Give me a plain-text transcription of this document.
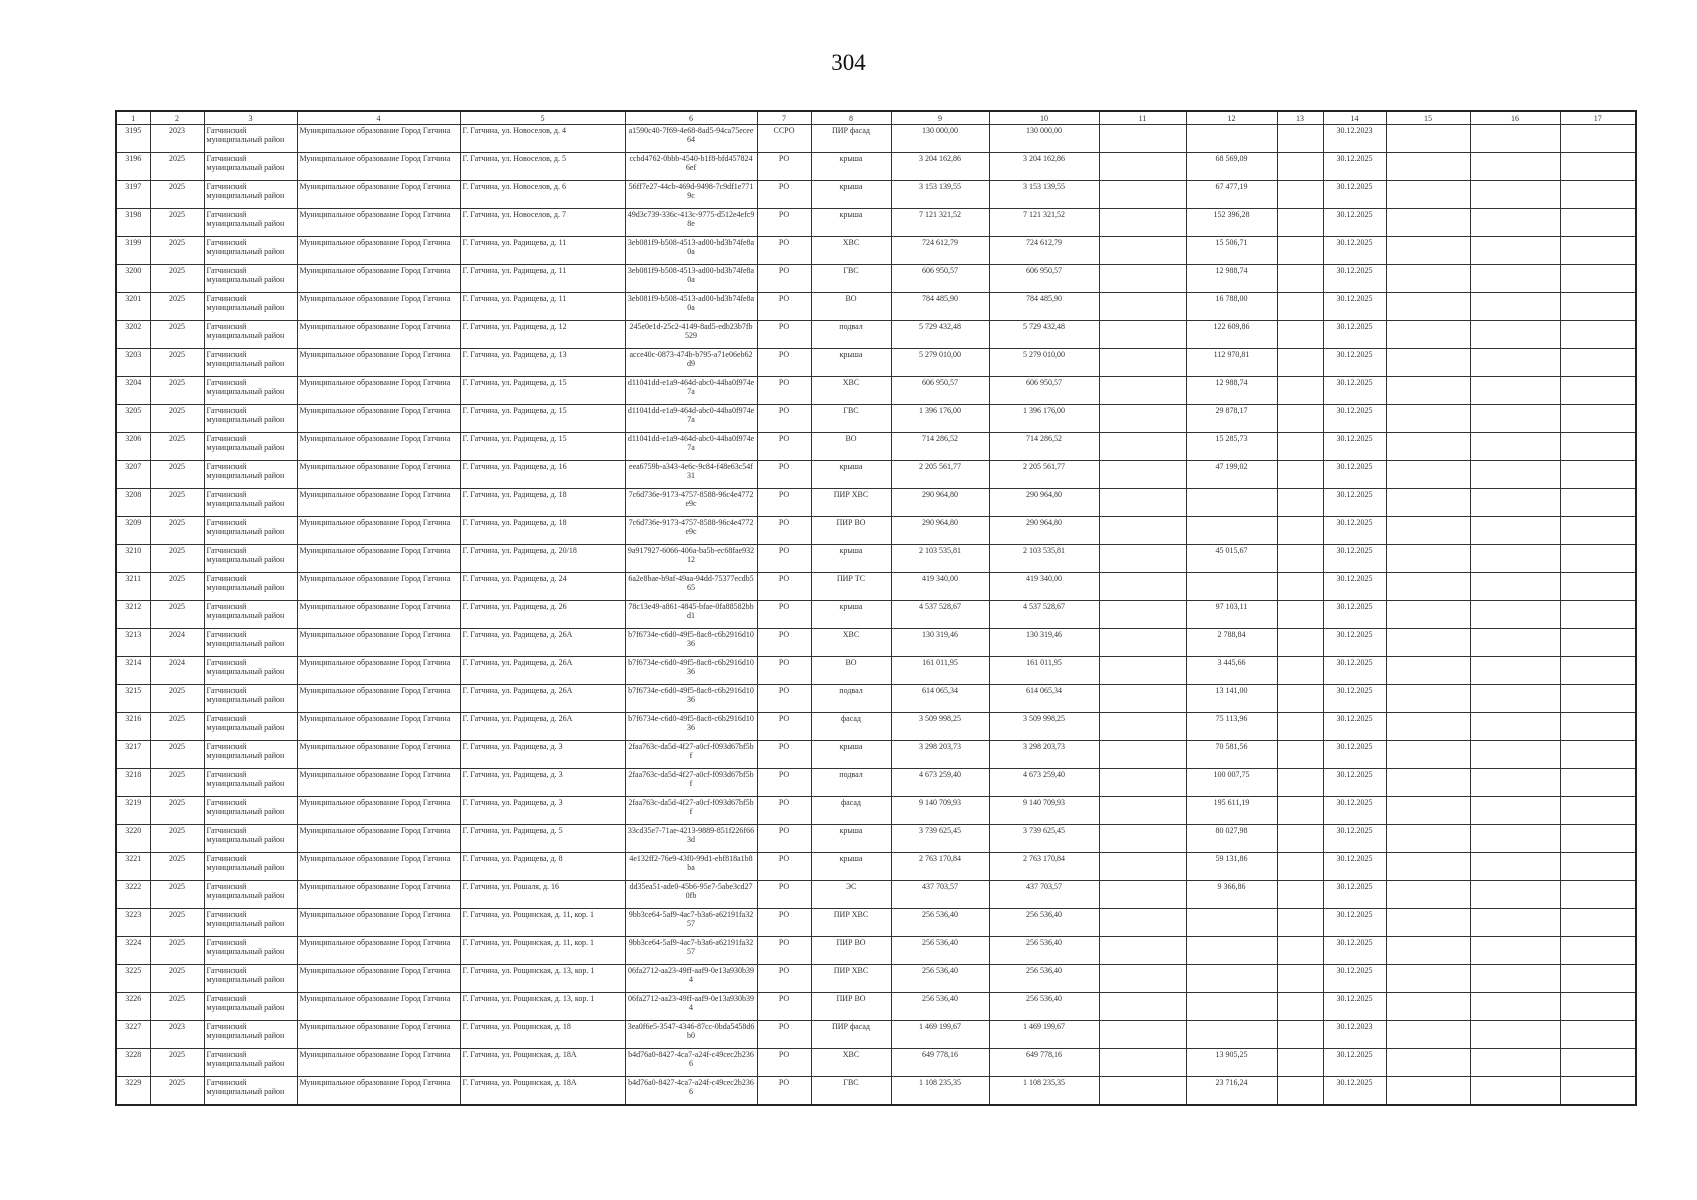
304
1	2	3	4	5	6	7	8	9	10	11	12	13	14	15	16	17
3195	2023	Гатчинский муниципальный район	Муниципальное образование Город Гатчина	Г. Гатчина, ул. Новоселов, д. 4	a1590c40-7f69-4e68-8ad5-94ca75ecee64	ССРО	ПИР фасад	130 000,00	130 000,00				30.12.2023			
3196	2025	Гатчинский муниципальный район	Муниципальное образование Город Гатчина	Г. Гатчина, ул. Новоселов, д. 5	ccbd4762-0bbb-4540-b1f8-bfd4578246ef	РО	крыша	3 204 162,86	3 204 162,86		68 569,09		30.12.2025			
3197	2025	Гатчинский муниципальный район	Муниципальное образование Город Гатчина	Г. Гатчина, ул. Новоселов, д. 6	56ff7e27-44cb-469d-9498-7c9df1e7719c	РО	крыша	3 153 139,55	3 153 139,55		67 477,19		30.12.2025			
3198	2025	Гатчинский муниципальный район	Муниципальное образование Город Гатчина	Г. Гатчина, ул. Новоселов, д. 7	49d3c739-336c-413c-9775-d512e4efc98e	РО	крыша	7 121 321,52	7 121 321,52		152 396,28		30.12.2025			
3199	2025	Гатчинский муниципальный район	Муниципальное образование Город Гатчина	Г. Гатчина, ул. Радищева, д. 11	3eb081f9-b508-4513-ad00-bd3b74fe8a0a	РО	ХВС	724 612,79	724 612,79		15 506,71		30.12.2025			
3200	2025	Гатчинский муниципальный район	Муниципальное образование Город Гатчина	Г. Гатчина, ул. Радищева, д. 11	3eb081f9-b508-4513-ad00-bd3b74fe8a0a	РО	ГВС	606 950,57	606 950,57		12 988,74		30.12.2025			
3201	2025	Гатчинский муниципальный район	Муниципальное образование Город Гатчина	Г. Гатчина, ул. Радищева, д. 11	3eb081f9-b508-4513-ad00-bd3b74fe8a0a	РО	ВО	784 485,90	784 485,90		16 788,00		30.12.2025			
3202	2025	Гатчинский муниципальный район	Муниципальное образование Город Гатчина	Г. Гатчина, ул. Радищева, д. 12	245e0e1d-25c2-4149-8ad5-edb23b7fb529	РО	подвал	5 729 432,48	5 729 432,48		122 609,86		30.12.2025			
3203	2025	Гатчинский муниципальный район	Муниципальное образование Город Гатчина	Г. Гатчина, ул. Радищева, д. 13	acce40c-0873-474b-b795-a71e06eb62d9	РО	крыша	5 279 010,00	5 279 010,00		112 970,81		30.12.2025			
3204	2025	Гатчинский муниципальный район	Муниципальное образование Город Гатчина	Г. Гатчина, ул. Радищева, д. 15	d11041dd-e1a9-464d-abc0-44ba0f974e7a	РО	ХВС	606 950,57	606 950,57		12 988,74		30.12.2025			
3205	2025	Гатчинский муниципальный район	Муниципальное образование Город Гатчина	Г. Гатчина, ул. Радищева, д. 15	d11041dd-e1a9-464d-abc0-44ba0f974e7a	РО	ГВС	1 396 176,00	1 396 176,00		29 878,17		30.12.2025			
3206	2025	Гатчинский муниципальный район	Муниципальное образование Город Гатчина	Г. Гатчина, ул. Радищева, д. 15	d11041dd-e1a9-464d-abc0-44ba0f974e7a	РО	ВО	714 286,52	714 286,52		15 285,73		30.12.2025			
3207	2025	Гатчинский муниципальный район	Муниципальное образование Город Гатчина	Г. Гатчина, ул. Радищева, д. 16	eea6759b-a343-4e6c-9c84-f48e63c54f31	РО	крыша	2 205 561,77	2 205 561,77		47 199,02		30.12.2025			
3208	2025	Гатчинский муниципальный район	Муниципальное образование Город Гатчина	Г. Гатчина, ул. Радищева, д. 18	7c6d736e-9173-4757-8588-96c4e4772e9c	РО	ПИР ХВС	290 964,80	290 964,80				30.12.2025			
3209	2025	Гатчинский муниципальный район	Муниципальное образование Город Гатчина	Г. Гатчина, ул. Радищева, д. 18	7c6d736e-9173-4757-8588-96c4e4772e9c	РО	ПИР ВО	290 964,80	290 964,80				30.12.2025			
3210	2025	Гатчинский муниципальный район	Муниципальное образование Город Гатчина	Г. Гатчина, ул. Радищева, д. 20/18	9a917927-6066-406a-ba5b-ec68fae93212	РО	крыша	2 103 535,81	2 103 535,81		45 015,67		30.12.2025			
3211	2025	Гатчинский муниципальный район	Муниципальное образование Город Гатчина	Г. Гатчина, ул. Радищева, д. 24	6a2e8bae-b9af-49aa-94dd-75377ecdb565	РО	ПИР ТС	419 340,00	419 340,00				30.12.2025			
3212	2025	Гатчинский муниципальный район	Муниципальное образование Город Гатчина	Г. Гатчина, ул. Радищева, д. 26	78c13e49-a861-4845-bfae-0fa88582bbd1	РО	крыша	4 537 528,67	4 537 528,67		97 103,11		30.12.2025			
3213	2024	Гатчинский муниципальный район	Муниципальное образование Город Гатчина	Г. Гатчина, ул. Радищева, д. 26А	b7f6734e-c6d0-49f5-8ac8-c6b2916d1036	РО	ХВС	130 319,46	130 319,46		2 788,84		30.12.2025			
3214	2024	Гатчинский муниципальный район	Муниципальное образование Город Гатчина	Г. Гатчина, ул. Радищева, д. 26А	b7f6734e-c6d0-49f5-8ac8-c6b2916d1036	РО	ВО	161 011,95	161 011,95		3 445,66		30.12.2025			
3215	2025	Гатчинский муниципальный район	Муниципальное образование Город Гатчина	Г. Гатчина, ул. Радищева, д. 26А	b7f6734e-c6d0-49f5-8ac8-c6b2916d1036	РО	подвал	614 065,34	614 065,34		13 141,00		30.12.2025			
3216	2025	Гатчинский муниципальный район	Муниципальное образование Город Гатчина	Г. Гатчина, ул. Радищева, д. 26А	b7f6734e-c6d0-49f5-8ac8-c6b2916d1036	РО	фасад	3 509 998,25	3 509 998,25		75 113,96		30.12.2025			
3217	2025	Гатчинский муниципальный район	Муниципальное образование Город Гатчина	Г. Гатчина, ул. Радищева, д. 3	2faa763c-da5d-4f27-a0cf-f093d67bf5bf	РО	крыша	3 298 203,73	3 298 203,73		70 581,56		30.12.2025			
3218	2025	Гатчинский муниципальный район	Муниципальное образование Город Гатчина	Г. Гатчина, ул. Радищева, д. 3	2faa763c-da5d-4f27-a0cf-f093d67bf5bf	РО	подвал	4 673 259,40	4 673 259,40		100 007,75		30.12.2025			
3219	2025	Гатчинский муниципальный район	Муниципальное образование Город Гатчина	Г. Гатчина, ул. Радищева, д. 3	2faa763c-da5d-4f27-a0cf-f093d67bf5bf	РО	фасад	9 140 709,93	9 140 709,93		195 611,19		30.12.2025			
3220	2025	Гатчинский муниципальный район	Муниципальное образование Город Гатчина	Г. Гатчина, ул. Радищева, д. 5	33cd35e7-71ae-4213-9889-851f226f663d	РО	крыша	3 739 625,45	3 739 625,45		80 027,98		30.12.2025			
3221	2025	Гатчинский муниципальный район	Муниципальное образование Город Гатчина	Г. Гатчина, ул. Радищева, д. 8	4e132ff2-76e9-43f0-99d1-ebf818a1b8ba	РО	крыша	2 763 170,84	2 763 170,84		59 131,86		30.12.2025			
3222	2025	Гатчинский муниципальный район	Муниципальное образование Город Гатчина	Г. Гатчина, ул. Рошаля, д. 16	dd35ea51-ade0-45b6-95e7-5abe3cd270fb	РО	ЭС	437 703,57	437 703,57		9 366,86		30.12.2025			
3223	2025	Гатчинский муниципальный район	Муниципальное образование Город Гатчина	Г. Гатчина, ул. Рощинская, д. 11, кор. 1	9bb3ce64-5af9-4ac7-b3a6-a62191fa3257	РО	ПИР ХВС	256 536,40	256 536,40				30.12.2025			
3224	2025	Гатчинский муниципальный район	Муниципальное образование Город Гатчина	Г. Гатчина, ул. Рощинская, д. 11, кор. 1	9bb3ce64-5af9-4ac7-b3a6-a62191fa3257	РО	ПИР ВО	256 536,40	256 536,40				30.12.2025			
3225	2025	Гатчинский муниципальный район	Муниципальное образование Город Гатчина	Г. Гатчина, ул. Рощинская, д. 13, кор. 1	06fa2712-aa23-49ff-aaf9-0e13a930b394	РО	ПИР ХВС	256 536,40	256 536,40				30.12.2025			
3226	2025	Гатчинский муниципальный район	Муниципальное образование Город Гатчина	Г. Гатчина, ул. Рощинская, д. 13, кор. 1	06fa2712-aa23-49ff-aaf9-0e13a930b394	РО	ПИР ВО	256 536,40	256 536,40				30.12.2025			
3227	2023	Гатчинский муниципальный район	Муниципальное образование Город Гатчина	Г. Гатчина, ул. Рощинская, д. 18	3ea0f6e5-3547-4346-87cc-0bda5458d6b0	РО	ПИР фасад	1 469 199,67	1 469 199,67				30.12.2023			
3228	2025	Гатчинский муниципальный район	Муниципальное образование Город Гатчина	Г. Гатчина, ул. Рощинская, д. 18А	b4d76a0-8427-4ca7-a24f-c49cec2b2366	РО	ХВС	649 778,16	649 778,16		13 905,25		30.12.2025			
3229	2025	Гатчинский муниципальный район	Муниципальное образование Город Гатчина	Г. Гатчина, ул. Рощинская, д. 18А	b4d76a0-8427-4ca7-a24f-c49cec2b2366	РО	ГВС	1 108 235,35	1 108 235,35		23 716,24		30.12.2025			
